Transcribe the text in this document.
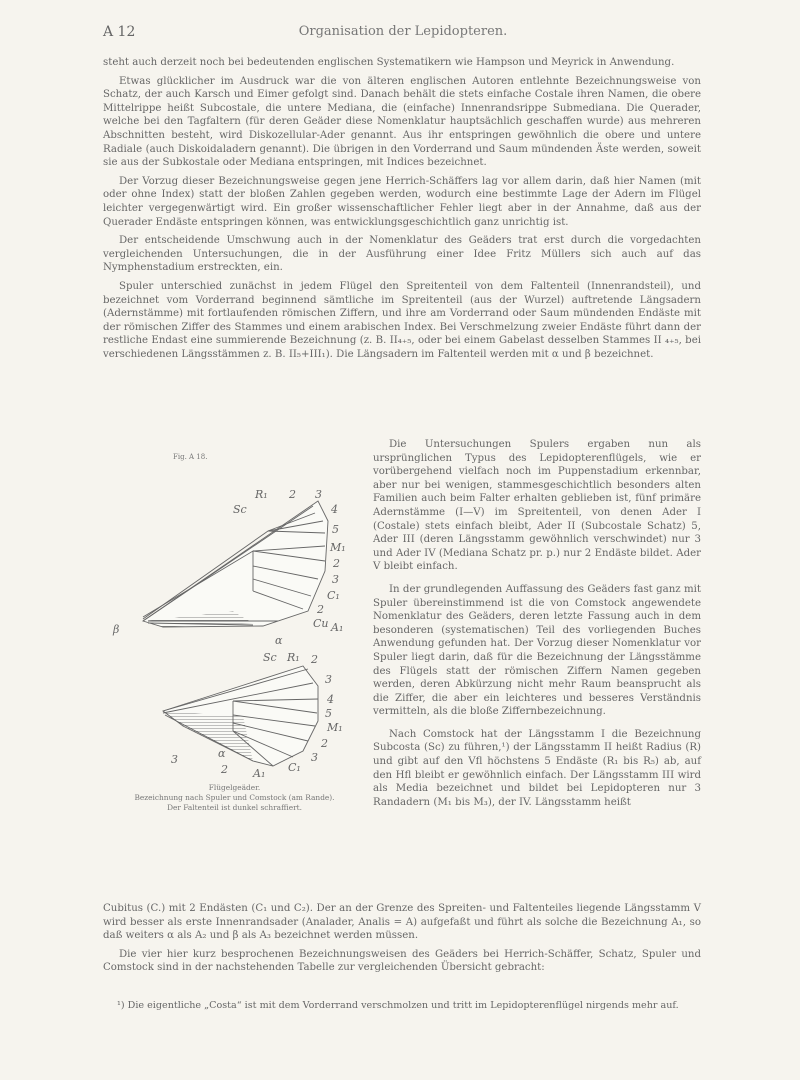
A 12	Organisation der Lepidopteren.

steht auch derzeit noch bei bedeutenden englischen Systematikern wie Hampson und Meyrick in Anwendung.

Etwas glücklicher im Ausdruck war die von älteren englischen Autoren entlehnte Bezeichnungsweise von Schatz, der auch Karsch und Eimer gefolgt sind. Danach behält die stets einfache Costale ihren Namen, die obere Mittelrippe heißt Subcostale, die untere Mediana, die (einfache) Innenrandsrippe Submediana. Die Querader, welche bei den Tagfaltern (für deren Geäder diese Nomenklatur hauptsächlich geschaffen wurde) aus mehreren Abschnitten besteht, wird Diskozellular-Ader genannt. Aus ihr entspringen gewöhnlich die obere und untere Radiale (auch Diskoidaladern genannt). Die übrigen in den Vorderrand und Saum mündenden Äste werden, soweit sie aus der Subkostale oder Mediana entspringen, mit Indices bezeichnet.

Der Vorzug dieser Bezeichnungsweise gegen jene Herrich-Schäffers lag vor allem darin, daß hier Namen (mit oder ohne Index) statt der bloßen Zahlen gegeben werden, wodurch eine bestimmte Lage der Adern im Flügel leichter vergegenwärtigt wird. Ein großer wissenschaftlicher Fehler liegt aber in der Annahme, daß aus der Querader Endäste entspringen können, was entwicklungsgeschichtlich ganz unrichtig ist.

Der entscheidende Umschwung auch in der Nomenklatur des Geäders trat erst durch die vorgedachten vergleichenden Untersuchungen, die in der Ausführung einer Idee Fritz Müllers sich auch auf das Nymphenstadium erstreckten, ein.

Spuler unterschied zunächst in jedem Flügel den Spreitenteil von dem Faltenteil (Innenrandsteil), und bezeichnet vom Vorderrand beginnend sämtliche im Spreitenteil (aus der Wurzel) auftretende Längsadern (Adernstämme) mit fortlaufenden römischen Ziffern, und ihre am Vorderrand oder Saum mündenden Endäste mit der römischen Ziffer des Stammes und einem arabischen Index. Bei Verschmelzung zweier Endäste führt dann der restliche Endast eine summierende Bezeichnung (z. B. II₄₊₅, oder bei einem Gabelast desselben Stammes II ₄₊₅, bei verschiedenen Längsstämmen z. B. II₅+III₁). Die Längsadern im Faltenteil werden mit α und β bezeichnet.

Fig. A 18.
R₁ 2 3
Sc	4
5
M₁
2
3
C₁
2
Cu A₁
β
α
Sc R₁ 2
3
4
5
M₁
2
3
C₁
3
2 A₁
α
Flügelgeäder.
Bezeichnung nach Spuler und Comstock (am Rande).
Der Faltenteil ist dunkel schraffiert.

Die Untersuchungen Spulers ergaben nun als ursprünglichen Typus des Lepidopterenflügels, wie er vorübergehend vielfach noch im Puppenstadium erkennbar, aber nur bei wenigen, stammesgeschichtlich besonders alten Familien auch beim Falter erhalten geblieben ist, fünf primäre Adernstämme (I—V) im Spreitenteil, von denen Ader I (Costale) stets einfach bleibt, Ader II (Subcostale Schatz) 5, Ader III (deren Längsstamm gewöhnlich verschwindet) nur 3 und Ader IV (Mediana Schatz pr. p.) nur 2 Endäste bildet. Ader V bleibt einfach.

In der grundlegenden Auffassung des Geäders fast ganz mit Spuler übereinstimmend ist die von Comstock angewendete Nomenklatur des Geäders, deren letzte Fassung auch in dem besonderen (systematischen) Teil des vorliegenden Buches Anwendung gefunden hat. Der Vorzug dieser Nomenklatur vor Spuler liegt darin, daß für die Bezeichnung der Längsstämme des Flügels statt der römischen Ziffern Namen gegeben werden, deren Abkürzung nicht mehr Raum beansprucht als die Ziffer, die aber ein leichteres und besseres Verständnis vermitteln, als die bloße Ziffernbezeichnung.

Nach Comstock hat der Längsstamm I die Bezeichnung Subcosta (Sc) zu führen,¹) der Längsstamm II heißt Radius (R) und gibt auf den Vfl höchstens 5 Endäste (R₁ bis R₅) ab, auf den Hfl bleibt er gewöhnlich einfach. Der Längsstamm III wird als Media bezeichnet und bildet bei Lepidopteren nur 3 Randadern (M₁ bis M₃), der IV. Längsstamm heißt

Cubitus (C.) mit 2 Endästen (C₁ und C₂). Der an der Grenze des Spreiten- und Faltenteiles liegende Längsstamm V wird besser als erste Innenrandsader (Analader, Analis = A) aufgefaßt und führt als solche die Bezeichnung A₁, so daß weiters α als A₂ und β als A₃ bezeichnet werden müssen.

Die vier hier kurz besprochenen Bezeichnungsweisen des Geäders bei Herrich-Schäffer, Schatz, Spuler und Comstock sind in der nachstehenden Tabelle zur vergleichenden Übersicht gebracht:

¹) Die eigentliche „Costa“ ist mit dem Vorderrand verschmolzen und tritt im Lepidopterenflügel nirgends mehr auf.
